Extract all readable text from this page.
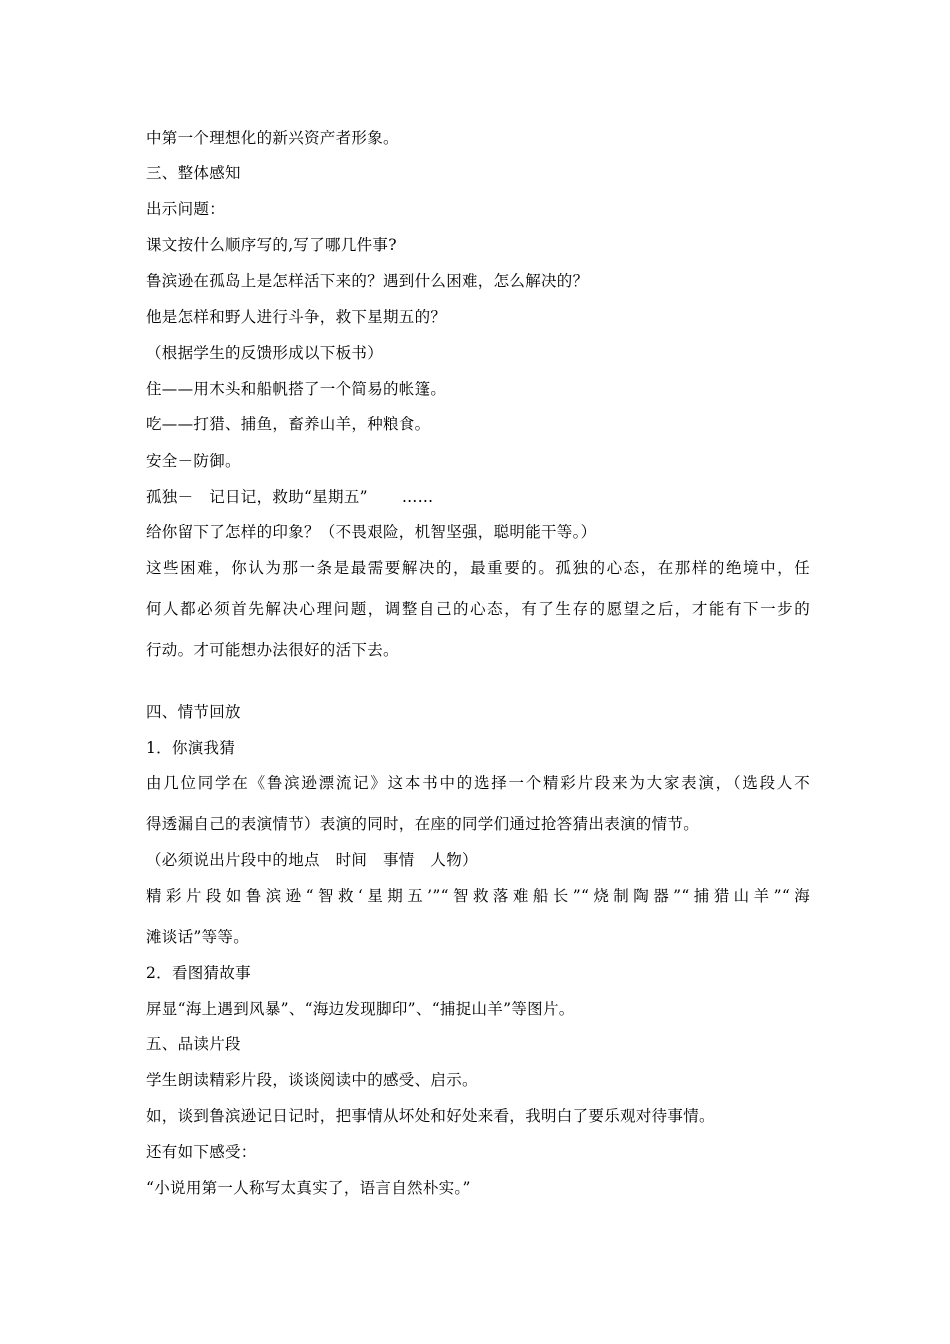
中第一个理想化的新兴资产者形象。
三、整体感知
出示问题：
课文按什么顺序写的,写了哪几件事?
鲁滨逊在孤岛上是怎样活下来的？遇到什么困难，怎么解决的？
他是怎样和野人进行斗争，救下星期五的？
（根据学生的反馈形成以下板书）
住——用木头和船帆搭了一个简易的帐篷。
吃——打猎、捕鱼，畜养山羊，种粮食。
安全－防御。
孤独－　记日记，救助“星期五” ……
给你留下了怎样的印象？（不畏艰险，机智坚强，聪明能干等。）
这些困难，你认为那一条是最需要解决的，最重要的。孤独的心态，在那样的绝境中，任
何人都必须首先解决心理问题，调整自己的心态，有了生存的愿望之后，才能有下一步的
行动。才可能想办法很好的活下去。
四、情节回放
1．你演我猜
由几位同学在《鲁滨逊漂流记》这本书中的选择一个精彩片段来为大家表演，（选段人不
得透漏自己的表演情节）表演的同时，在座的同学们通过抢答猜出表演的情节。
（必须说出片段中的地点　时间　事情　人物）
精彩片段如鲁滨逊“智救‘星期五’”“智救落难船长”“烧制陶器”“捕猎山羊”“海
滩谈话”等等。
2．看图猜故事
屏显“海上遇到风暴”、“海边发现脚印”、“捕捉山羊”等图片。
五、品读片段
学生朗读精彩片段，谈谈阅读中的感受、启示。
如，谈到鲁滨逊记日记时，把事情从坏处和好处来看，我明白了要乐观对待事情。
还有如下感受：
“小说用第一人称写太真实了，语言自然朴实。”
